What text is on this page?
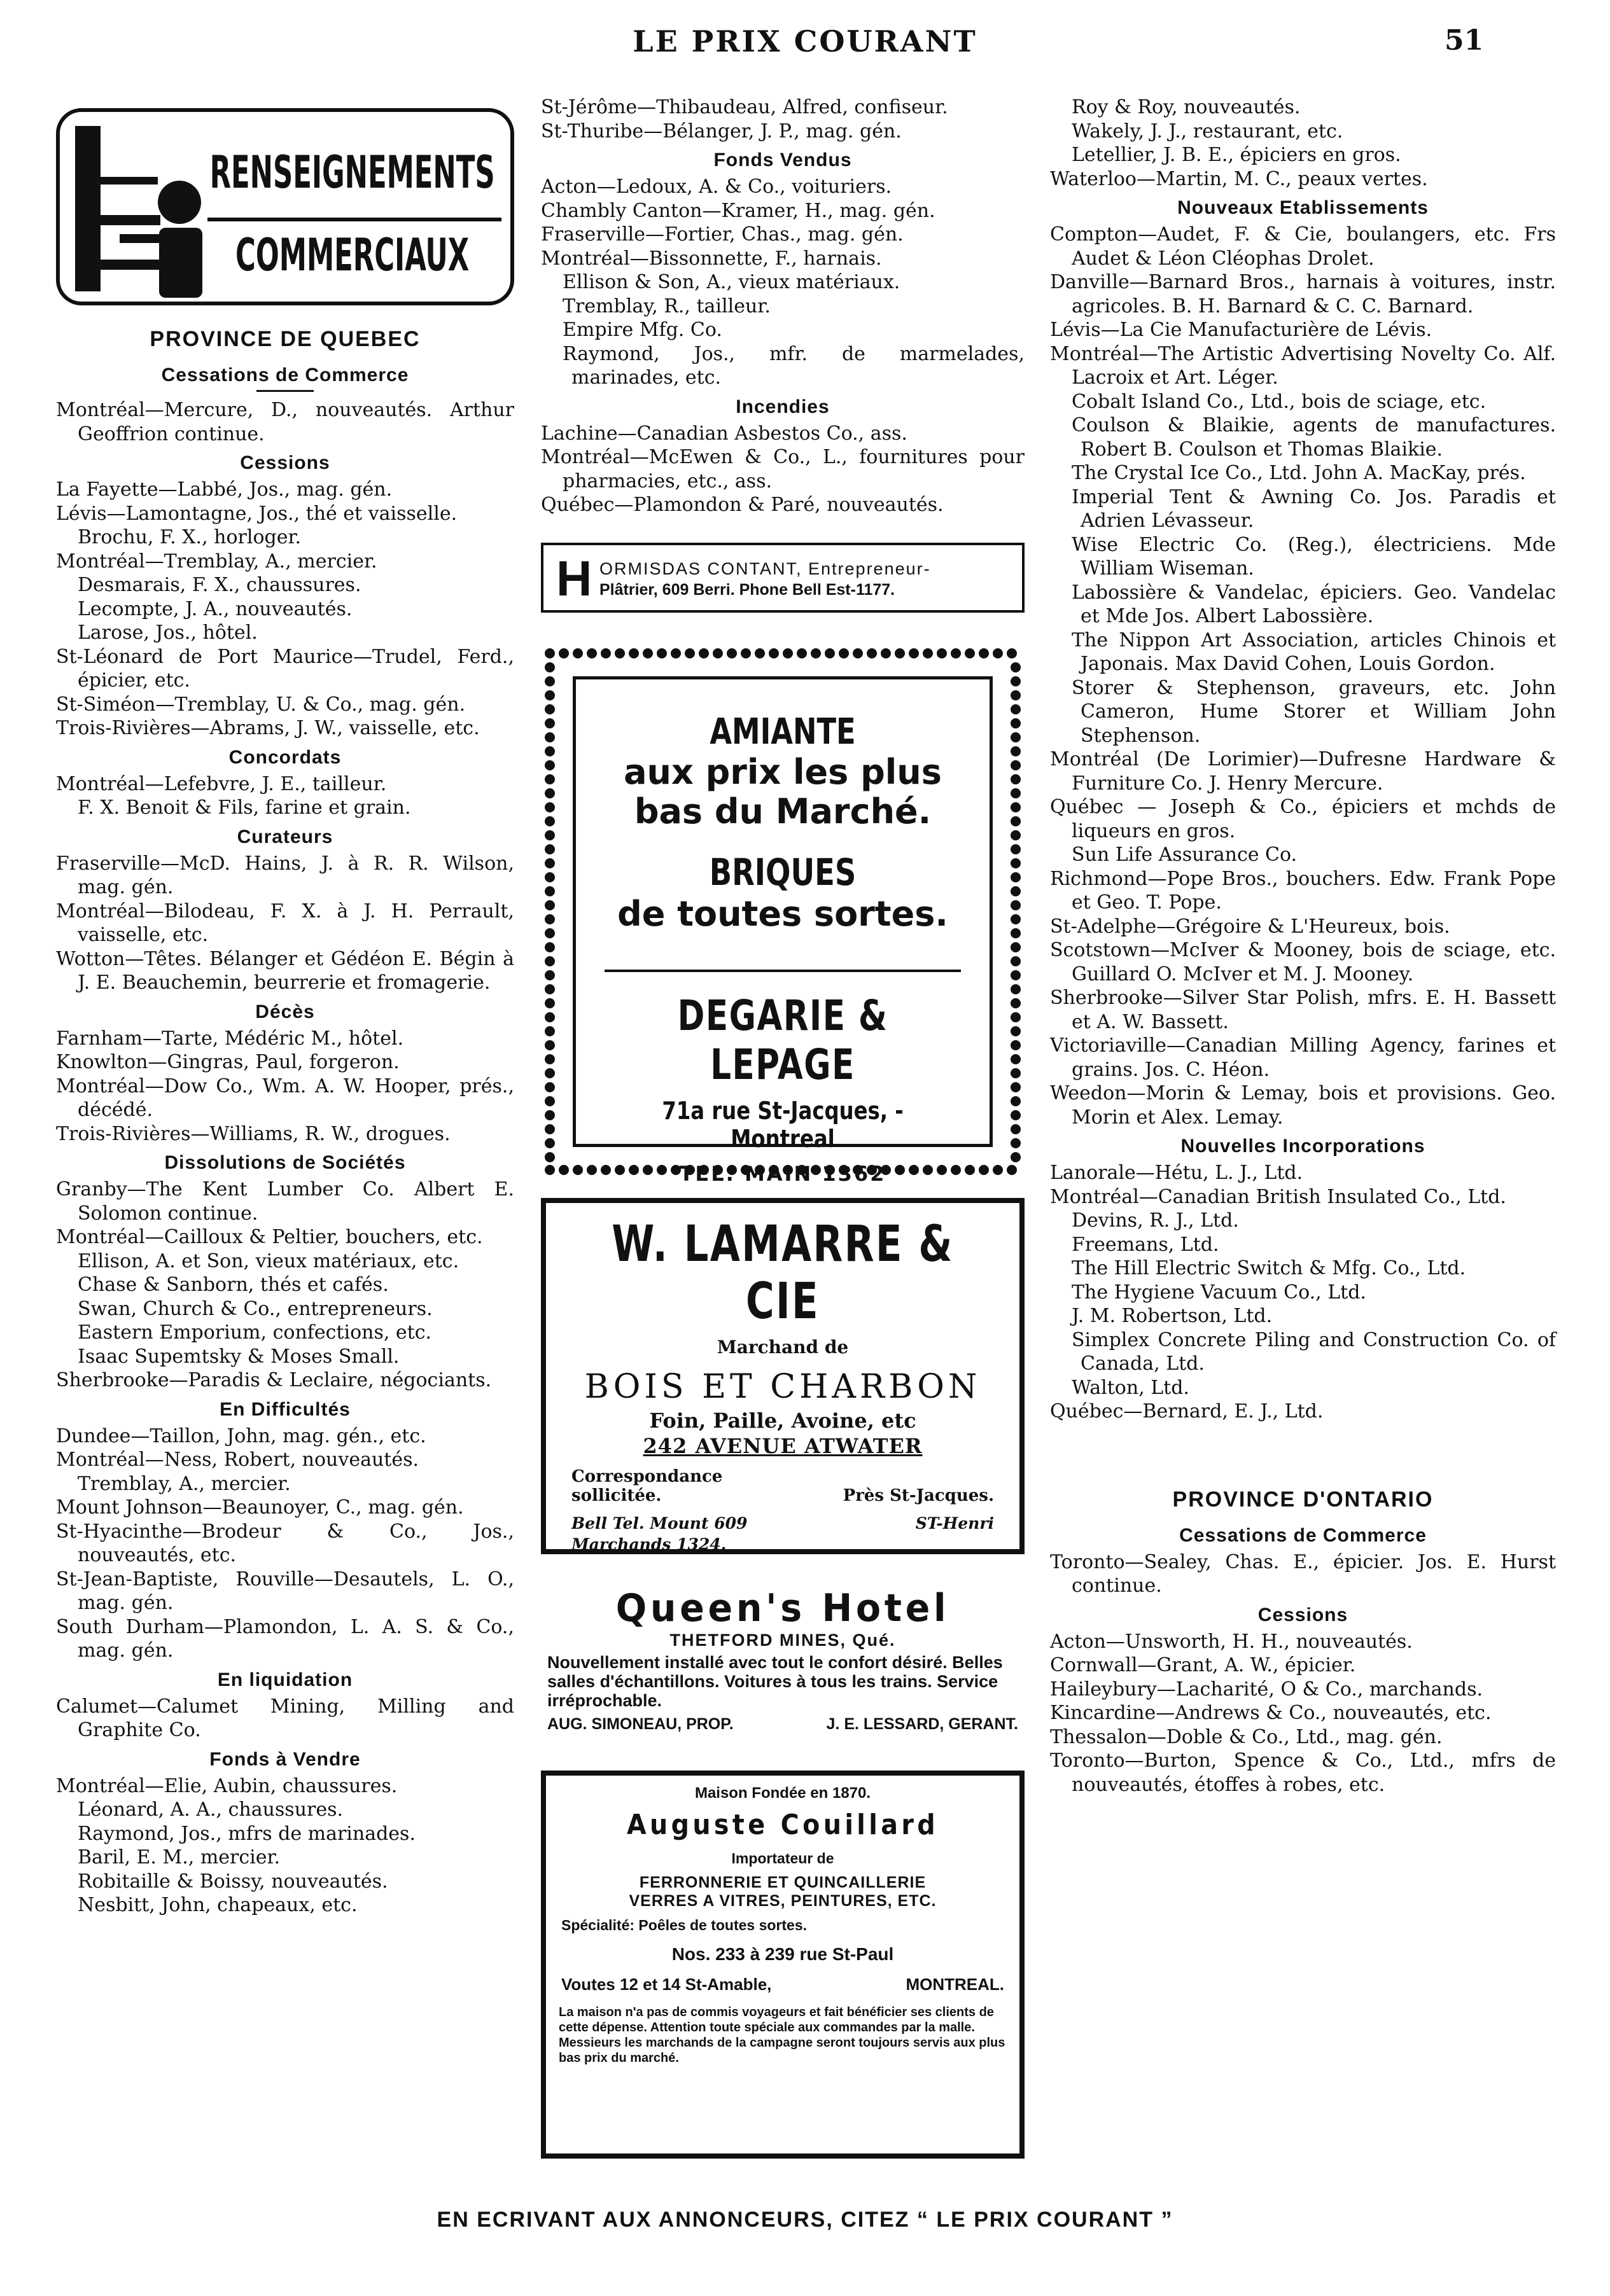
LE PRIX COURANT	51
RENSEIGNEMENTS
COMMERCIAUX
PROVINCE DE QUEBEC
Cessations de Commerce
Montréal—Mercure, D., nouveautés. Arthur Geoffrion continue.
Cessions
La Fayette—Labbé, Jos., mag. gén.
Lévis—Lamontagne, Jos., thé et vaisselle.
Brochu, F. X., horloger.
Montréal—Tremblay, A., mercier.
Desmarais, F. X., chaussures.
Lecompte, J. A., nouveautés.
Larose, Jos., hôtel.
St-Léonard de Port Maurice—Trudel, Ferd., épicier, etc.
St-Siméon—Tremblay, U. & Co., mag. gén.
Trois-Rivières—Abrams, J. W., vaisselle, etc.
Concordats
Montréal—Lefebvre, J. E., tailleur.
F. X. Benoit & Fils, farine et grain.
Curateurs
Fraserville—McD. Hains, J. à R. R. Wilson, mag. gén.
Montréal—Bilodeau, F. X. à J. H. Perrault, vaisselle, etc.
Wotton—Têtes. Bélanger et Gédéon E. Bégin à J. E. Beauchemin, beurrerie et fromagerie.
Décès
Farnham—Tarte, Médéric M., hôtel.
Knowlton—Gingras, Paul, forgeron.
Montréal—Dow Co., Wm. A. W. Hooper, prés., décédé.
Trois-Rivières—Williams, R. W., drogues.
Dissolutions de Sociétés
Granby—The Kent Lumber Co. Albert E. Solomon continue.
Montréal—Cailloux & Peltier, bouchers, etc.
Ellison, A. et Son, vieux matériaux, etc.
Chase & Sanborn, thés et cafés.
Swan, Church & Co., entrepreneurs.
Eastern Emporium, confections, etc.
Isaac Supemtsky & Moses Small.
Sherbrooke—Paradis & Leclaire, négociants.
En Difficultés
Dundee—Taillon, John, mag. gén., etc.
Montréal—Ness, Robert, nouveautés.
Tremblay, A., mercier.
Mount Johnson—Beaunoyer, C., mag. gén.
St-Hyacinthe—Brodeur & Co., Jos., nouveautés, etc.
St-Jean-Baptiste, Rouville—Desautels, L. O., mag. gén.
South Durham—Plamondon, L. A. S. & Co., mag. gén.
En liquidation
Calumet—Calumet Mining, Milling and Graphite Co.
Fonds à Vendre
Montréal—Elie, Aubin, chaussures.
Léonard, A. A., chaussures.
Raymond, Jos., mfrs de marinades.
Baril, E. M., mercier.
Robitaille & Boissy, nouveautés.
Nesbitt, John, chapeaux, etc.
St-Jérôme—Thibaudeau, Alfred, confiseur.
St-Thuribe—Bélanger, J. P., mag. gén.
Fonds Vendus
Acton—Ledoux, A. & Co., voituriers.
Chambly Canton—Kramer, H., mag. gén.
Fraserville—Fortier, Chas., mag. gén.
Montréal—Bissonnette, F., harnais.
Ellison & Son, A., vieux matériaux.
Tremblay, R., tailleur.
Empire Mfg. Co.
Raymond, Jos., mfr. de marmelades, marinades, etc.
Incendies
Lachine—Canadian Asbestos Co., ass.
Montréal—McEwen & Co., L., fournitures pour pharmacies, etc., ass.
Québec—Plamondon & Paré, nouveautés.
H ORMISDAS CONTANT, Entrepreneur-
Plâtrier, 609 Berri. Phone Bell Est-1177.
AMIANTE
aux prix les plus
bas du Marché.
BRIQUES
de toutes sortes.
DEGARIE & LEPAGE
71a rue St-Jacques, - Montreal
TEL. MAIN 1362
W. LAMARRE & CIE
Marchand de
BOIS ET CHARBON
Foin, Paille, Avoine, etc
242 AVENUE ATWATER
Correspondance
sollicitée.	Près St-Jacques.
Bell Tel. Mount 609	ST-Henri
Marchands 1324.
Queen's Hotel
THETFORD MINES, Qué.
Nouvellement installé avec tout le confort désiré. Belles salles d'échantillons. Voitures à tous les trains. Service irréprochable.
AUG. SIMONEAU, PROP.	J. E. LESSARD, GERANT.
Maison Fondée en 1870.
Auguste Couillard
Importateur de
FERRONNERIE ET QUINCAILLERIE
VERRES A VITRES, PEINTURES, ETC.
Spécialité: Poêles de toutes sortes.
Nos. 233 à 239 rue St-Paul
Voutes 12 et 14 St-Amable,	MONTREAL.
La maison n'a pas de commis voyageurs et fait bénéficier ses clients de cette dépense. Attention toute spéciale aux commandes par la malle. Messieurs les marchands de la campagne seront toujours servis aux plus bas prix du marché.
Roy & Roy, nouveautés.
Wakely, J. J., restaurant, etc.
Letellier, J. B. E., épiciers en gros.
Waterloo—Martin, M. C., peaux vertes.
Nouveaux Etablissements
Compton—Audet, F. & Cie, boulangers, etc. Frs Audet & Léon Cléophas Drolet.
Danville—Barnard Bros., harnais à voitures, instr. agricoles. B. H. Barnard & C. C. Barnard.
Lévis—La Cie Manufacturière de Lévis.
Montréal—The Artistic Advertising Novelty Co. Alf. Lacroix et Art. Léger.
Cobalt Island Co., Ltd., bois de sciage, etc.
Coulson & Blaikie, agents de manufactures. Robert B. Coulson et Thomas Blaikie.
The Crystal Ice Co., Ltd. John A. MacKay, prés.
Imperial Tent & Awning Co. Jos. Paradis et Adrien Lévasseur.
Wise Electric Co. (Reg.), électriciens. Mde William Wiseman.
Labossière & Vandelac, épiciers. Geo. Vandelac et Mde Jos. Albert Labossière.
The Nippon Art Association, articles Chinois et Japonais. Max David Cohen, Louis Gordon.
Storer & Stephenson, graveurs, etc. John Cameron, Hume Storer et William John Stephenson.
Montréal (De Lorimier)—Dufresne Hardware & Furniture Co. J. Henry Mercure.
Québec — Joseph & Co., épiciers et mchds de liqueurs en gros.
Sun Life Assurance Co.
Richmond—Pope Bros., bouchers. Edw. Frank Pope et Geo. T. Pope.
St-Adelphe—Grégoire & L'Heureux, bois.
Scotstown—McIver & Mooney, bois de sciage, etc. Guillard O. McIver et M. J. Mooney.
Sherbrooke—Silver Star Polish, mfrs. E. H. Bassett et A. W. Bassett.
Victoriaville—Canadian Milling Agency, farines et grains. Jos. C. Héon.
Weedon—Morin & Lemay, bois et provisions. Geo. Morin et Alex. Lemay.
Nouvelles Incorporations
Lanorale—Hétu, L. J., Ltd.
Montréal—Canadian British Insulated Co., Ltd.
Devins, R. J., Ltd.
Freemans, Ltd.
The Hill Electric Switch & Mfg. Co., Ltd.
The Hygiene Vacuum Co., Ltd.
J. M. Robertson, Ltd.
Simplex Concrete Piling and Construction Co. of Canada, Ltd.
Walton, Ltd.
Québec—Bernard, E. J., Ltd.
PROVINCE D'ONTARIO
Cessations de Commerce
Toronto—Sealey, Chas. E., épicier. Jos. E. Hurst continue.
Cessions
Acton—Unsworth, H. H., nouveautés.
Cornwall—Grant, A. W., épicier.
Haileybury—Lacharité, O & Co., marchands.
Kincardine—Andrews & Co., nouveautés, etc.
Thessalon—Doble & Co., Ltd., mag. gén.
Toronto—Burton, Spence & Co., Ltd., mfrs de nouveautés, étoffes à robes, etc.
EN ECRIVANT AUX ANNONCEURS, CITEZ “ LE PRIX COURANT ”
